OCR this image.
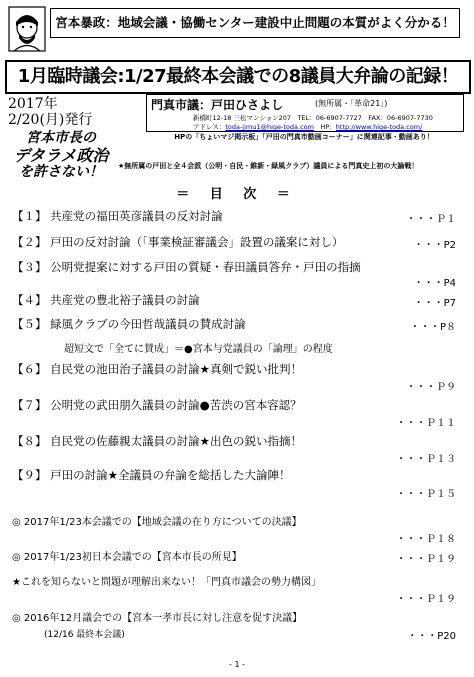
宮本暴政：地域会議・協働センター建設中止問題の本質がよく分かる！
1月臨時議会:1/27最終本会議での8議員大弁論の記録！
2017年
2/20(月)発行
宮本市長の
デタラメ政治
を許さない！
門真市議：戸田ひさよし	(無所属・「革命21」)
新橋町12-18 三松マンション207　TEL：06-6907-7727　FAX：06-6907-7730
アドレス：toda-jimu1@hige-toda.com　HP：http://www.hige-toda.com/
HPの「ちょいマジ掲示板」「戸田の門真市動画コーナー」に関連記事・動画あり！
★無所属の戸田と全４会派（公明・自民・維新・緑風クラブ）議員による門真史上初の大論戦！
＝ 目 次 ＝
【１】 共産党の福田英彦議員の反対討論	・・・Ｐ１
【２】 戸田の反対討論（「事業検証審議会」設置の議案に対し）	・・・P2
【３】 公明党提案に対する戸田の質疑・春田議員答弁・戸田の指摘
・・・P4
【４】 共産党の豊北裕子議員の討論	・・・P7
【５】 緑風クラブの今田哲哉議員の賛成討論	・・・P８
超短文で「全てに賛成」＝●宮本与党議員の「論理」の程度
【６】 自民党の池田治子議員の討論★真剣で鋭い批判！
・・・Ｐ９
【７】 公明党の武田朋久議員の討論●苦渋の宮本容認？
・・・Ｐ１１
【８】 自民党の佐藤親太議員の討論★出色の鋭い指摘！
・・・Ｐ１３
【９】 戸田の討論★全議員の弁論を総括した大論陣！
・・・Ｐ１５
◎ 2017年1/23本会議での【地域会議の在り方についての決議】
・・・Ｐ１８
◎ 2017年1/23初日本会議での【宮本市長の所見】	・・・Ｐ１９
★これを知らないと問題が理解出来ない！「門真市議会の勢力構図」
・・・Ｐ１９
◎ 2016年12月議会での【宮本一孝市長に対し注意を促す決議】
・・・P20
(12/16 最終本会議)
- 1 -
